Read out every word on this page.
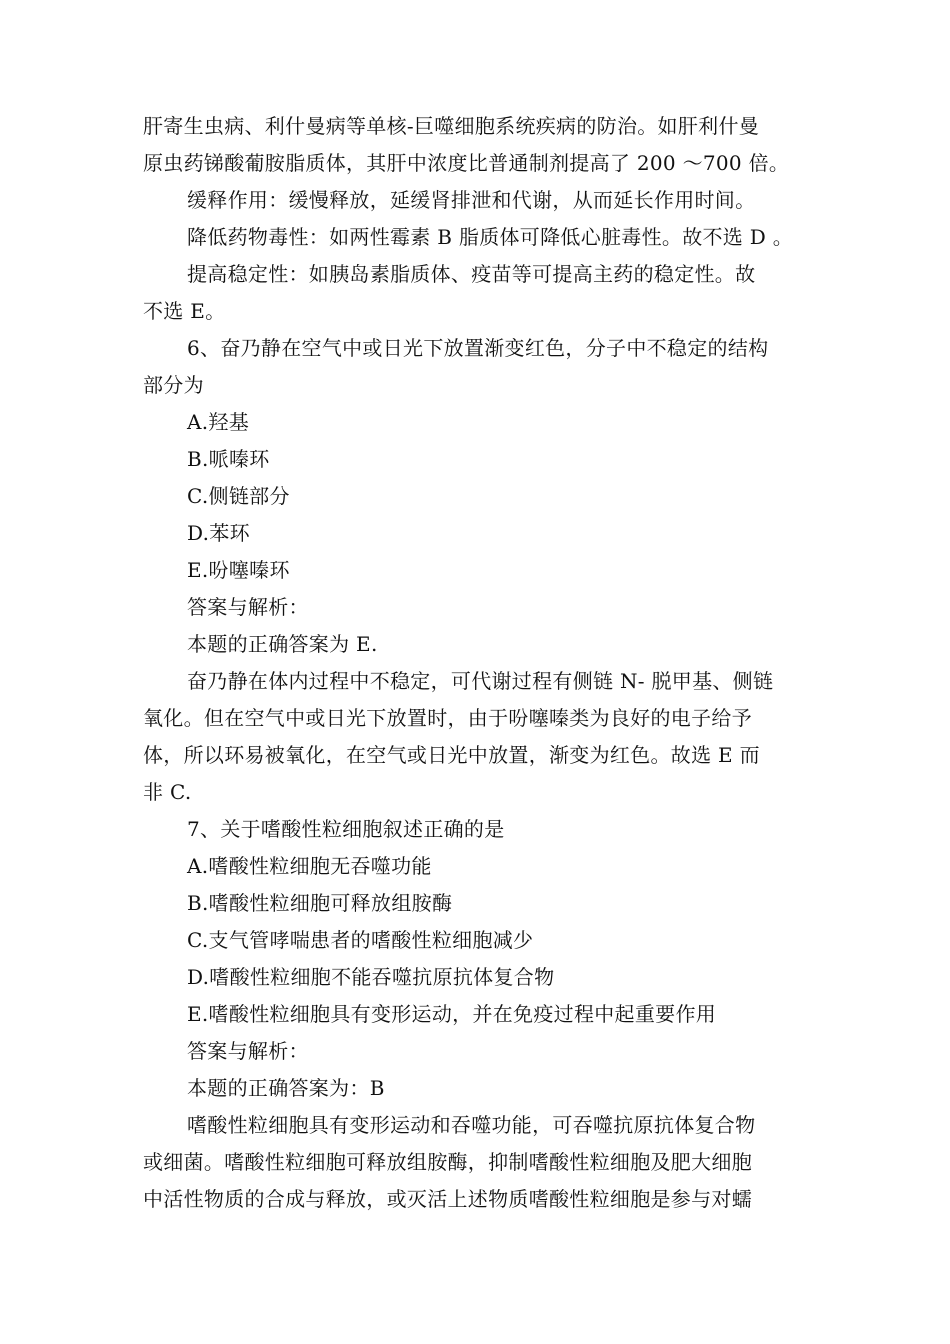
肝寄生虫病、利什曼病等单核-巨噬细胞系统疾病的防治。如肝利什曼
原虫药锑酸葡胺脂质体，其肝中浓度比普通制剂提高了 200 ～700 倍。
缓释作用：缓慢释放，延缓肾排泄和代谢，从而延长作用时间。
降低药物毒性：如两性霉素 B 脂质体可降低心脏毒性。故不选 D 。
提高稳定性：如胰岛素脂质体、疫苗等可提高主药的稳定性。故
不选 E。
6、奋乃静在空气中或日光下放置渐变红色，分子中不稳定的结构
部分为
A.羟基
B.哌嗪环
C.侧链部分
D.苯环
E.吩噻嗪环
答案与解析：
本题的正确答案为 E.
奋乃静在体内过程中不稳定，可代谢过程有侧链 N- 脱甲基、侧链
氧化。但在空气中或日光下放置时，由于吩噻嗪类为良好的电子给予
体，所以环易被氧化，在空气或日光中放置，渐变为红色。故选 E 而
非 C.
7、关于嗜酸性粒细胞叙述正确的是
A.嗜酸性粒细胞无吞噬功能
B.嗜酸性粒细胞可释放组胺酶
C.支气管哮喘患者的嗜酸性粒细胞减少
D.嗜酸性粒细胞不能吞噬抗原抗体复合物
E.嗜酸性粒细胞具有变形运动，并在免疫过程中起重要作用
答案与解析：
本题的正确答案为：B
嗜酸性粒细胞具有变形运动和吞噬功能，可吞噬抗原抗体复合物
或细菌。嗜酸性粒细胞可释放组胺酶，抑制嗜酸性粒细胞及肥大细胞
中活性物质的合成与释放，或灭活上述物质嗜酸性粒细胞是参与对蠕
